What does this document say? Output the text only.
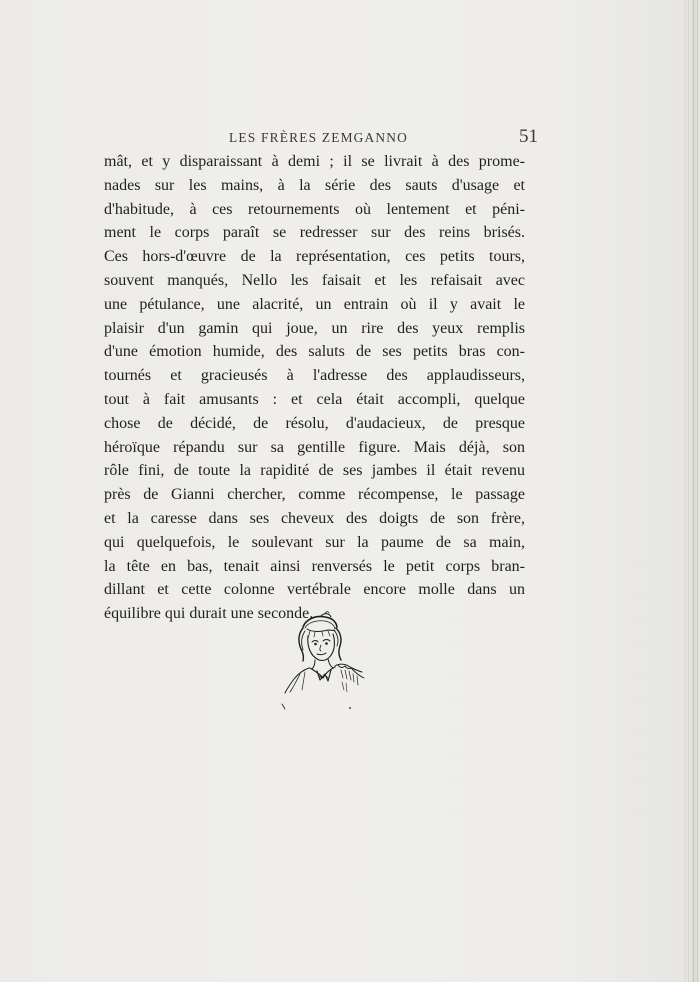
LES FRÈRES ZEMGANNO	51
mât, et y disparaissant à demi ; il se livrait à des prome-
nades sur les mains, à la série des sauts d'usage et
d'habitude, à ces retournements où lentement et péni-
ment le corps paraît se redresser sur des reins brisés.
Ces hors-d'œuvre de la représentation, ces petits tours,
souvent manqués, Nello les faisait et les refaisait avec
une pétulance, une alacrité, un entrain où il y avait le
plaisir d'un gamin qui joue, un rire des yeux remplis
d'une émotion humide, des saluts de ses petits bras con-
tournés et gracieusés à l'adresse des applaudisseurs,
tout à fait amusants : et cela était accompli, quelque
chose de décidé, de résolu, d'audacieux, de presque
héroïque répandu sur sa gentille figure. Mais déjà, son
rôle fini, de toute la rapidité de ses jambes il était revenu
près de Gianni chercher, comme récompense, le passage
et la caresse dans ses cheveux des doigts de son frère,
qui quelquefois, le soulevant sur la paume de sa main,
la tête en bas, tenait ainsi renversés le petit corps bran-
dillant et cette colonne vertébrale encore molle dans un
équilibre qui durait une seconde.
